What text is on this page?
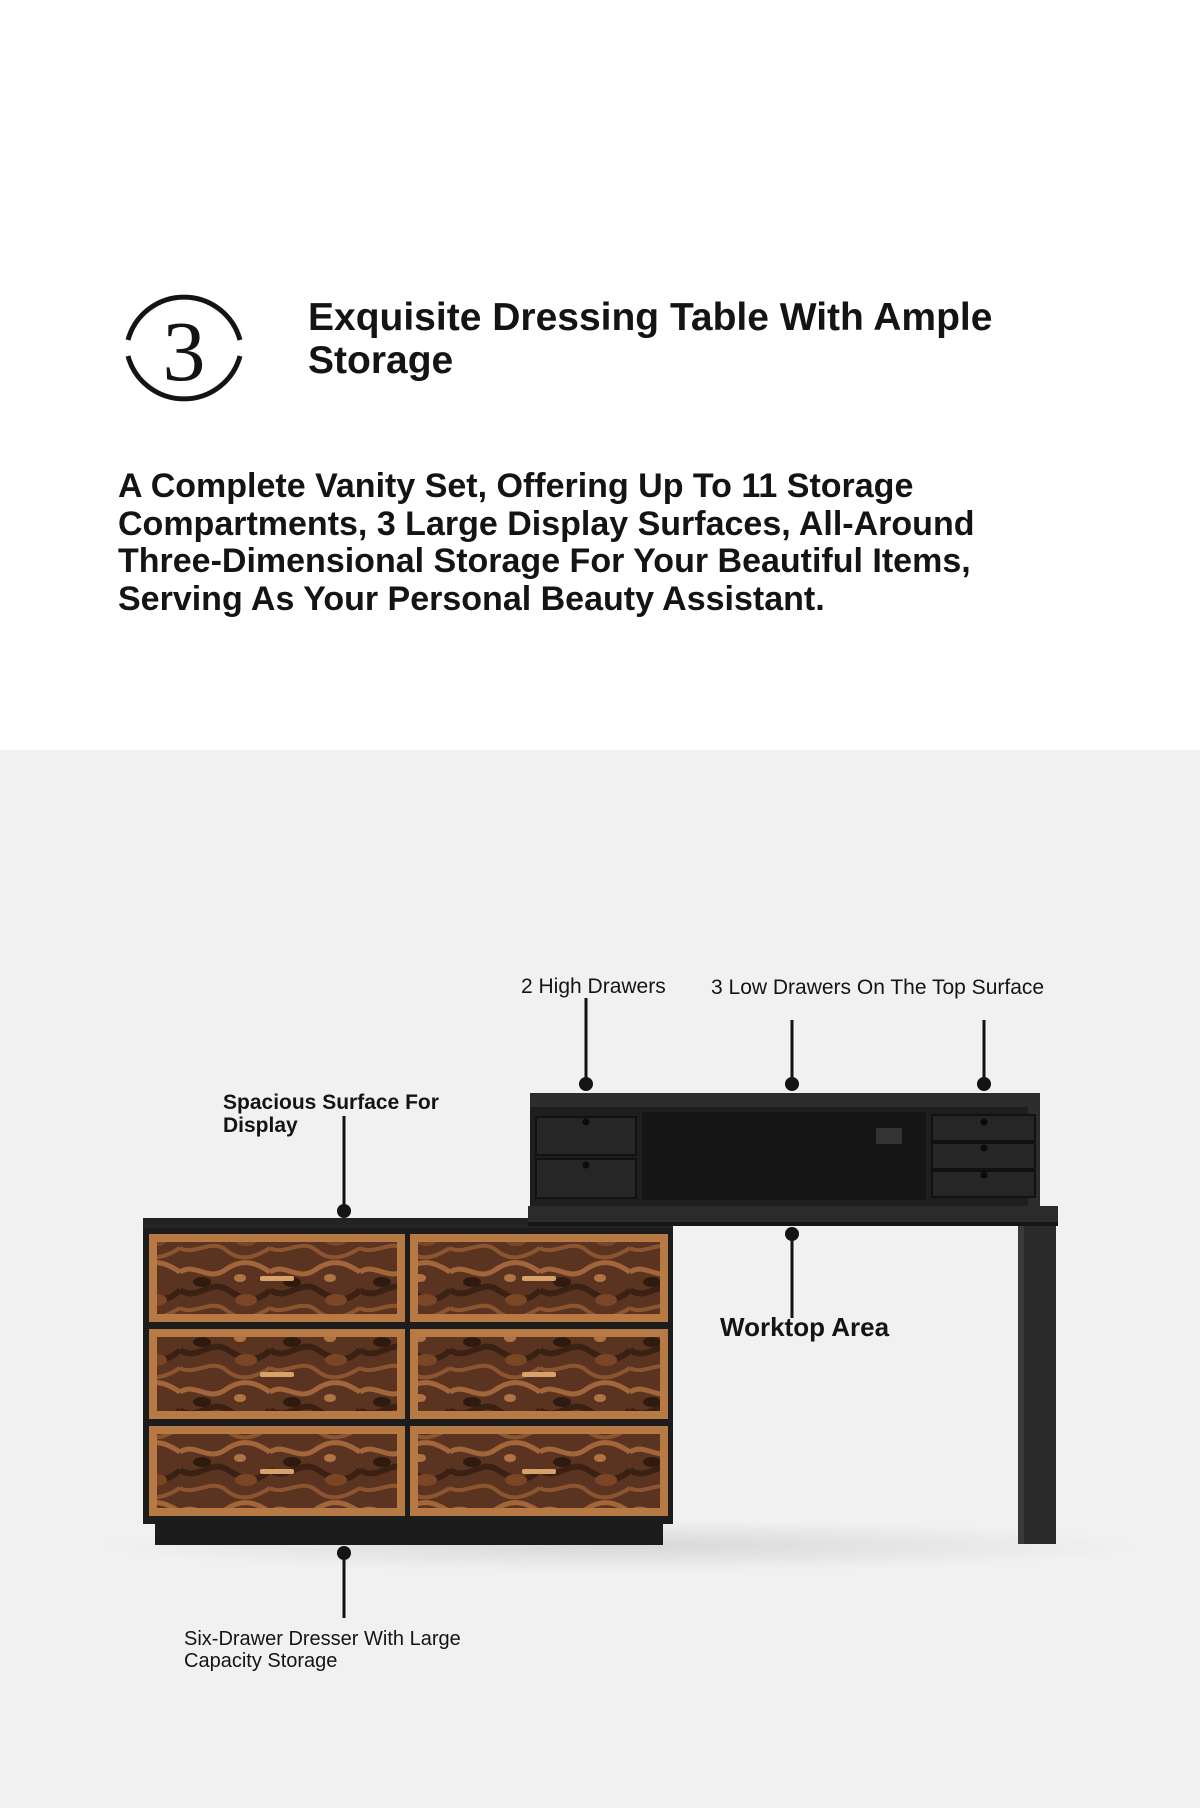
3	Exquisite Dressing Table With Ample Storage

A Complete Vanity Set, Offering Up To 11 Storage Compartments, 3 Large Display Surfaces, All-Around Three-Dimensional Storage For Your Beautiful Items, Serving As Your Personal Beauty Assistant.

2 High Drawers 3 Low Drawers On The Top Surface

Spacious Surface For
Display

Worktop Area

Six-Drawer Dresser With Large
Capacity Storage
